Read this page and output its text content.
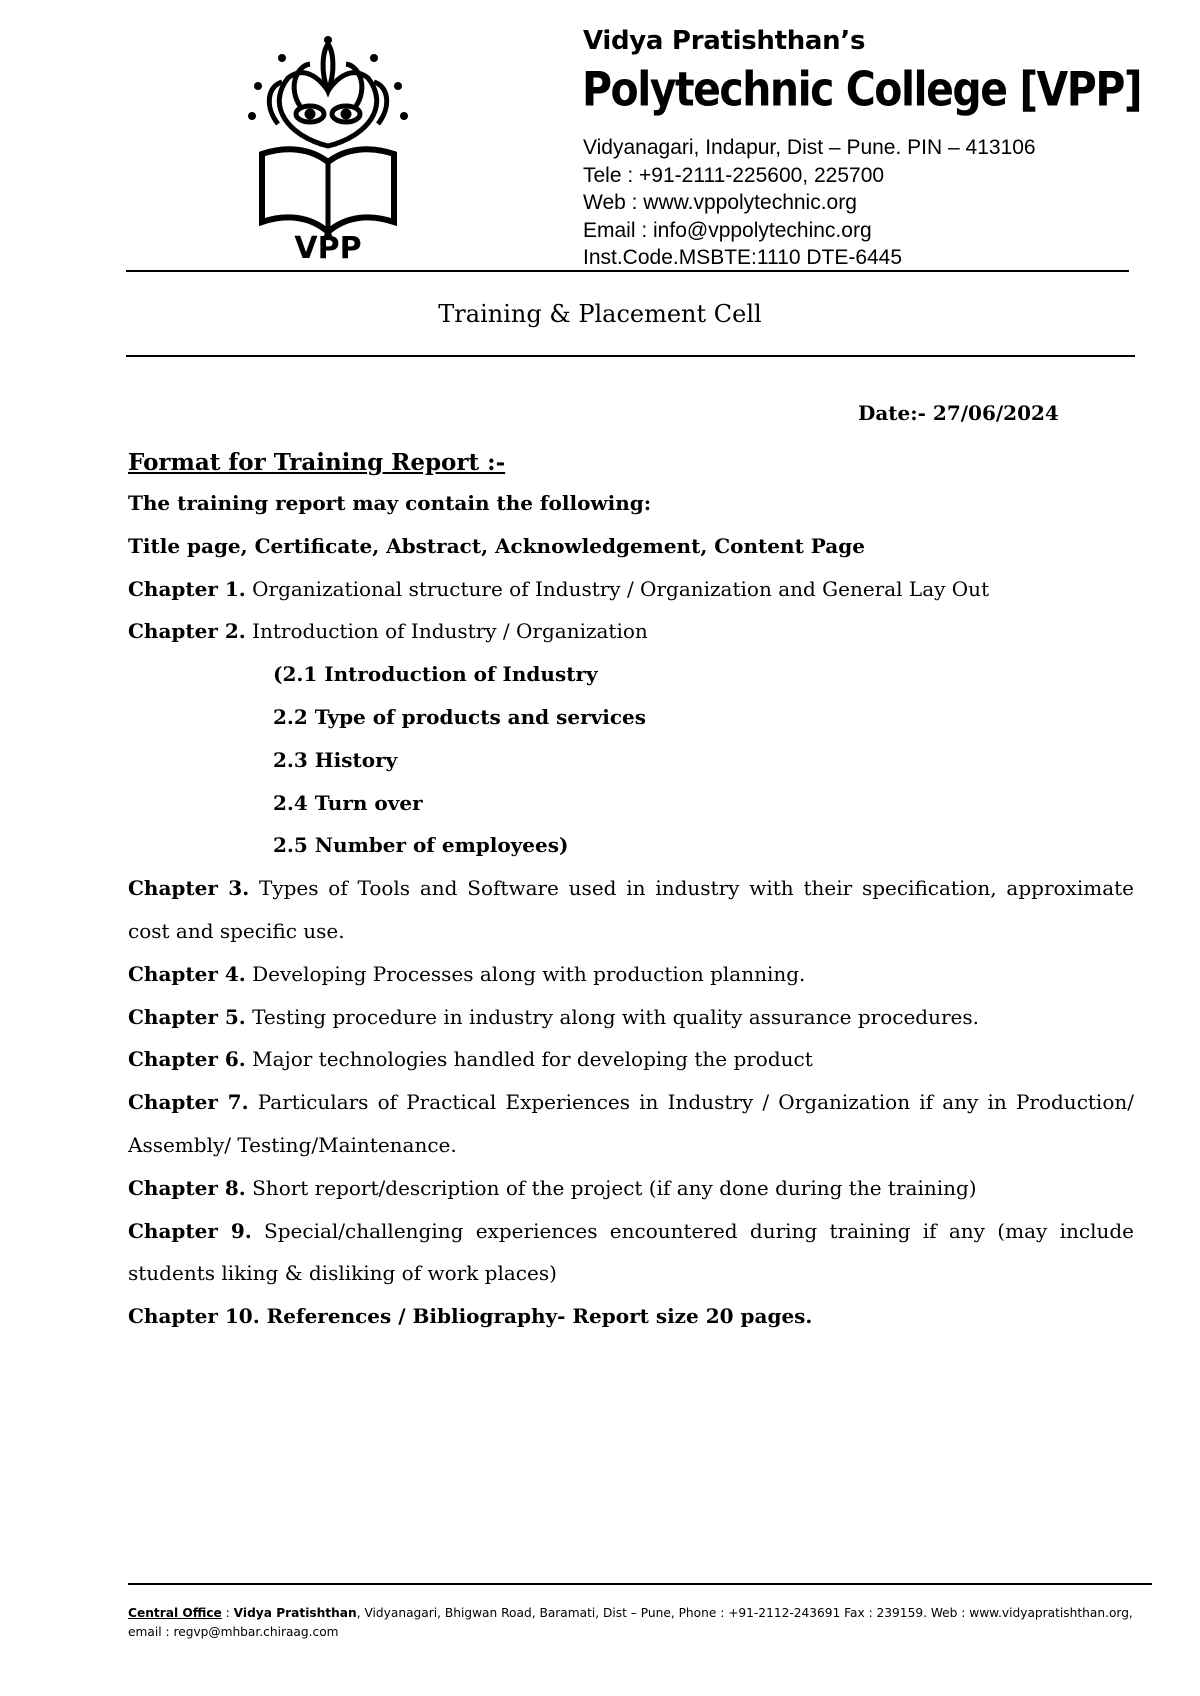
VPP
Vidya Pratishthan’s
Polytechnic College [VPP]
Vidyanagari, Indapur, Dist – Pune. PIN – 413106
Tele : +91-2111-225600, 225700
Web : www.vppolytechnic.org
Email : info@vppolytechinc.org
Inst.Code.MSBTE:1110 DTE-6445
Training & Placement Cell
Date:- 27/06/2024
Format for Training Report :-
The training report may contain the following:
Title page, Certificate, Abstract, Acknowledgement, Content Page
Chapter 1. Organizational structure of Industry / Organization and General Lay Out
Chapter 2. Introduction of Industry / Organization
(2.1 Introduction of Industry
2.2 Type of products and services
2.3 History
2.4 Turn over
2.5 Number of employees)
Chapter 3. Types of Tools and Software used in industry with their specification, approximate cost and specific use.
Chapter 4. Developing Processes along with production planning.
Chapter 5. Testing procedure in industry along with quality assurance procedures.
Chapter 6. Major technologies handled for developing the product
Chapter 7. Particulars of Practical Experiences in Industry / Organization if any in Production/ Assembly/ Testing/Maintenance.
Chapter 8. Short report/description of the project (if any done during the training)
Chapter 9. Special/challenging experiences encountered during training if any (may include students liking & disliking of work places)
Chapter 10. References / Bibliography- Report size 20 pages.
Central Office : Vidya Pratishthan, Vidyanagari, Bhigwan Road, Baramati, Dist – Pune, Phone : +91-2112-243691 Fax : 239159. Web : www.vidyapratishthan.org, email : regvp@mhbar.chiraag.com
